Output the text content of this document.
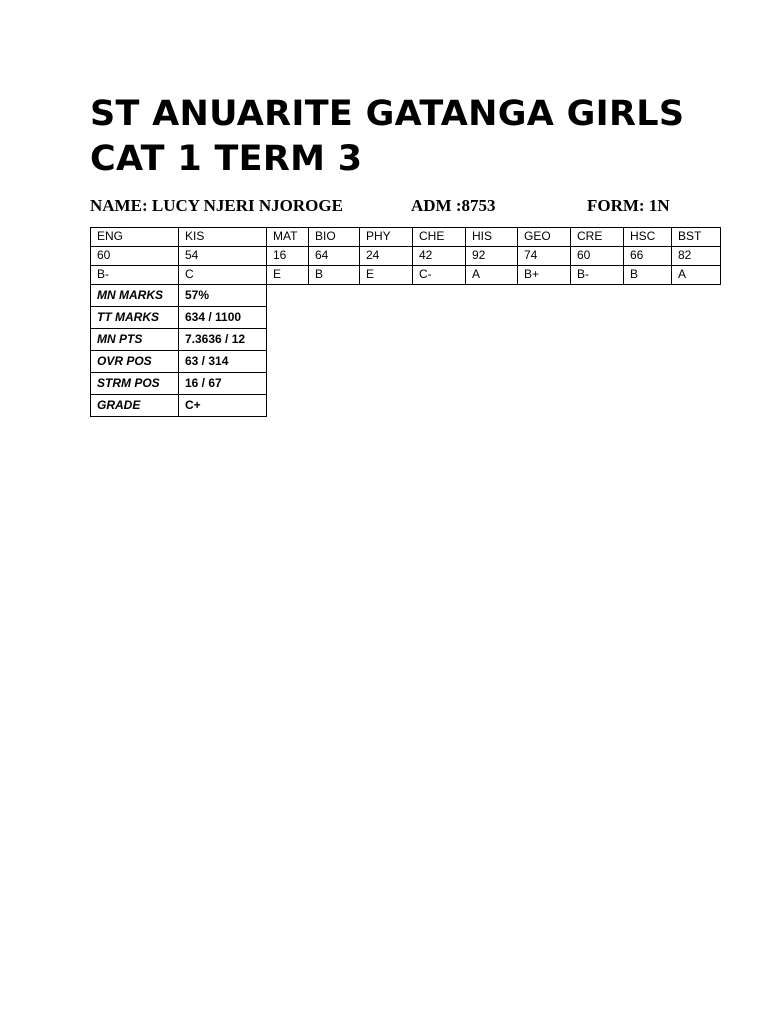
ST ANUARITE GATANGA GIRLS
CAT 1 TERM 3
NAME: LUCY NJERI NJOROGE	ADM :8753	FORM: 1N
ENG	KIS	MAT	BIO	PHY	CHE	HIS	GEO	CRE	HSC	BST
60	54	16	64	24	42	92	74	60	66	82
B-	C	E	B	E	C-	A	B+	B-	B	A
MN MARKS	57%
TT MARKS	634 / 1100
MN PTS	7.3636 / 12
OVR POS	63 / 314
STRM POS	16 / 67
GRADE	C+
